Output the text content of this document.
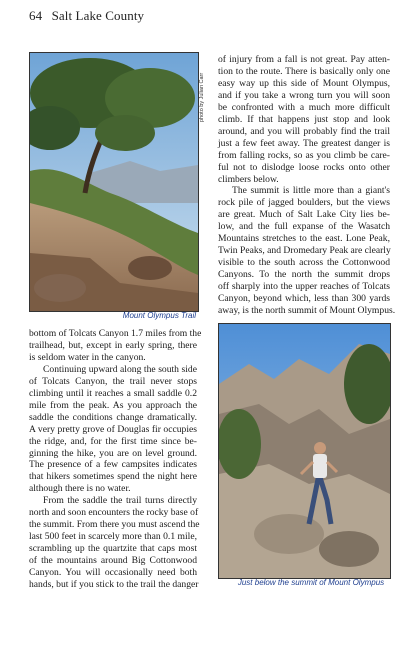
64 Salt Lake County
photo by Julian Carr
Mount Olympus Trail
Just below the summit of Mount Olympus
of injury from a fall is not great. Pay atten-
tion to the route. There is basically only one
easy way up this side of Mount Olympus,
and if you take a wrong turn you will soon
be confronted with a much more difficult
climb. If that happens just stop and look
around, and you will probably find the trail
just a few feet away. The greatest danger is
from falling rocks, so as you climb be care-
ful not to dislodge loose rocks onto other
climbers below.
The summit is little more than a giant's
rock pile of jagged boulders, but the views
are great. Much of Salt Lake City lies be-
low, and the full expanse of the Wasatch
Mountains stretches to the east. Lone Peak,
Twin Peaks, and Dromedary Peak are clearly
visible to the south across the Cottonwood
Canyons. To the north the summit drops
off sharply into the upper reaches of Tolcats
Canyon, beyond which, less than 300 yards
away, is the north summit of Mount Olympus.
bottom of Tolcats Canyon 1.7 miles from the
trailhead, but, except in early spring, there
is seldom water in the canyon.
Continuing upward along the south side
of Tolcats Canyon, the trail never stops
climbing until it reaches a small saddle 0.2
mile from the peak. As you approach the
saddle the conditions change dramatically.
A very pretty grove of Douglas fir occupies
the ridge, and, for the first time since be-
ginning the hike, you are on level ground.
The presence of a few campsites indicates
that hikers sometimes spend the night here
although there is no water.
From the saddle the trail turns directly
north and soon encounters the rocky base of
the summit. From there you must ascend the
last 500 feet in scarcely more than 0.1 mile,
scrambling up the quartzite that caps most
of the mountains around Big Cottonwood
Canyon. You will occasionally need both
hands, but if you stick to the trail the danger
